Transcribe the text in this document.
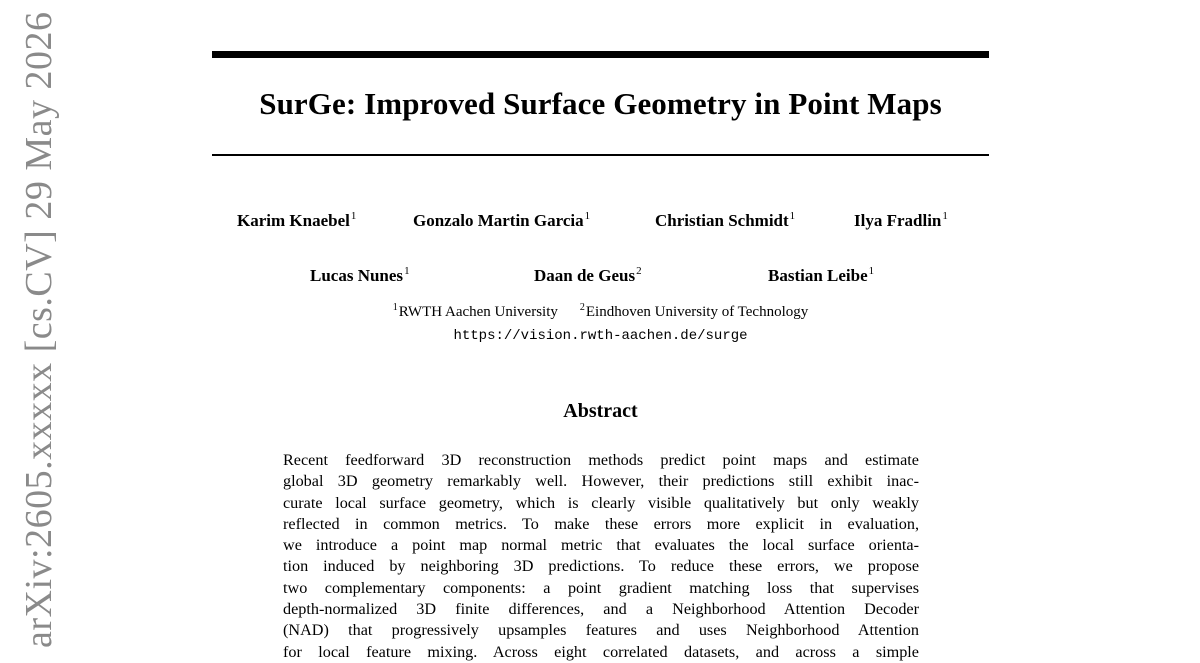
SurGe: Improved Surface Geometry in Point Maps
Karim Knaebel$^1$	Gonzalo Martin Garcia$^1$	Christian Schmidt$^1$	Ilya Fradlin$^1$
Lucas Nunes$^1$	Daan de Geus$^2$	Bastian Leibe$^1$
$^1$RWTH Aachen University $^2$Eindhoven University of Technology
https://vision.rwth-aachen.de/surge
Abstract
Recent feedforward 3D reconstruction methods predict point maps and estimate
global 3D geometry remarkably well. However, their predictions still exhibit inac-
curate local surface geometry, which is clearly visible qualitatively but only weakly
reflected in common metrics. To make these errors more explicit in evaluation,
we introduce a point map normal metric that evaluates the local surface orienta-
tion induced by neighboring 3D predictions. To reduce these errors, we propose
two complementary components: a point gradient matching loss that supervises
depth-normalized 3D finite differences, and a Neighborhood Attention Decoder
(NAD) that progressively upsamples features and uses Neighborhood Attention
for local feature mixing. Across eight correlated datasets, and across a simple
arXiv:2605.xxxxx [cs.CV] 29 May 2026
